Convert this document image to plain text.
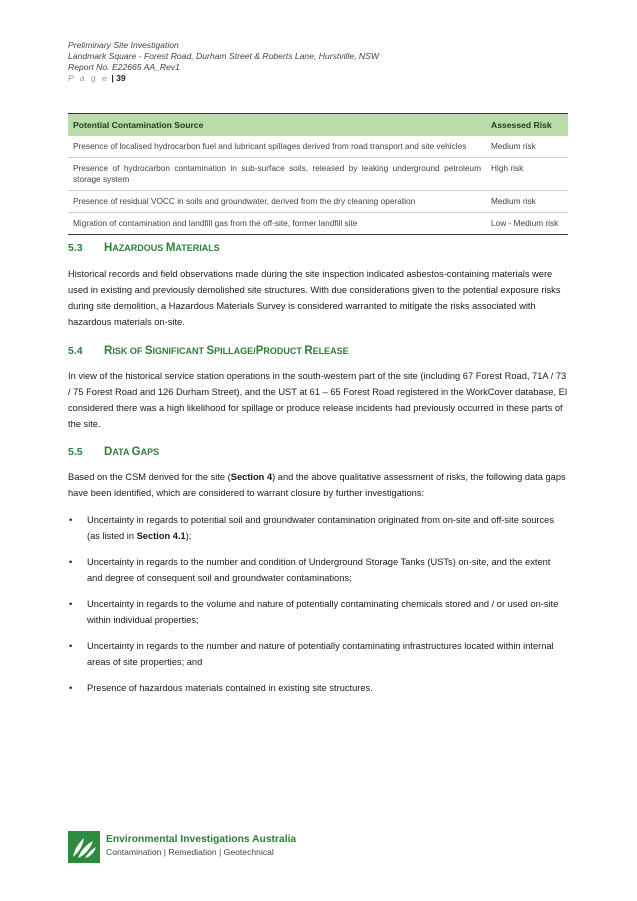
Preliminary Site Investigation
Landmark Square - Forest Road, Durham Street & Roberts Lane, Hurstville, NSW
Report No. E22665 AA_Rev1
P a g e | 39
Potential Contamination Source	Assessed Risk
Presence of localised hydrocarbon fuel and lubricant spillages derived from road transport and site vehicles	Medium risk
Presence of hydrocarbon contamination in sub-surface soils, released by leaking underground petroleum storage system	High risk
Presence of residual VOCC in soils and groundwater, derived from the dry cleaning operation	Medium risk
Migration of contamination and landfill gas from the off-site, former landfill site	Low - Medium risk
5.3 HAZARDOUS MATERIALS
Historical records and field observations made during the site inspection indicated asbestos-containing materials were used in existing and previously demolished site structures. With due considerations given to the potential exposure risks during site demolition, a Hazardous Materials Survey is considered warranted to mitigate the risks associated with hazardous materials on-site.
5.4 RISK OF SIGNIFICANT SPILLAGE/PRODUCT RELEASE
In view of the historical service station operations in the south-western part of the site (including 67 Forest Road, 71A / 73 / 75 Forest Road and 126 Durham Street), and the UST at 61 – 65 Forest Road registered in the WorkCover database, EI considered there was a high likelihood for spillage or produce release incidents had previously occurred in these parts of the site.
5.5 DATA GAPS
Based on the CSM derived for the site (Section 4) and the above qualitative assessment of risks, the following data gaps have been identified, which are considered to warrant closure by further investigations:
• Uncertainty in regards to potential soil and groundwater contamination originated from on-site and off-site sources (as listed in Section 4.1);
• Uncertainty in regards to the number and condition of Underground Storage Tanks (USTs) on-site, and the extent and degree of consequent soil and groundwater contaminations;
• Uncertainty in regards to the volume and nature of potentially contaminating chemicals stored and / or used on-site within individual properties;
• Uncertainty in regards to the number and nature of potentially contaminating infrastructures located within internal areas of site properties; and
• Presence of hazardous materials contained in existing site structures.
Environmental Investigations Australia
Contamination | Remediation | Geotechnical
